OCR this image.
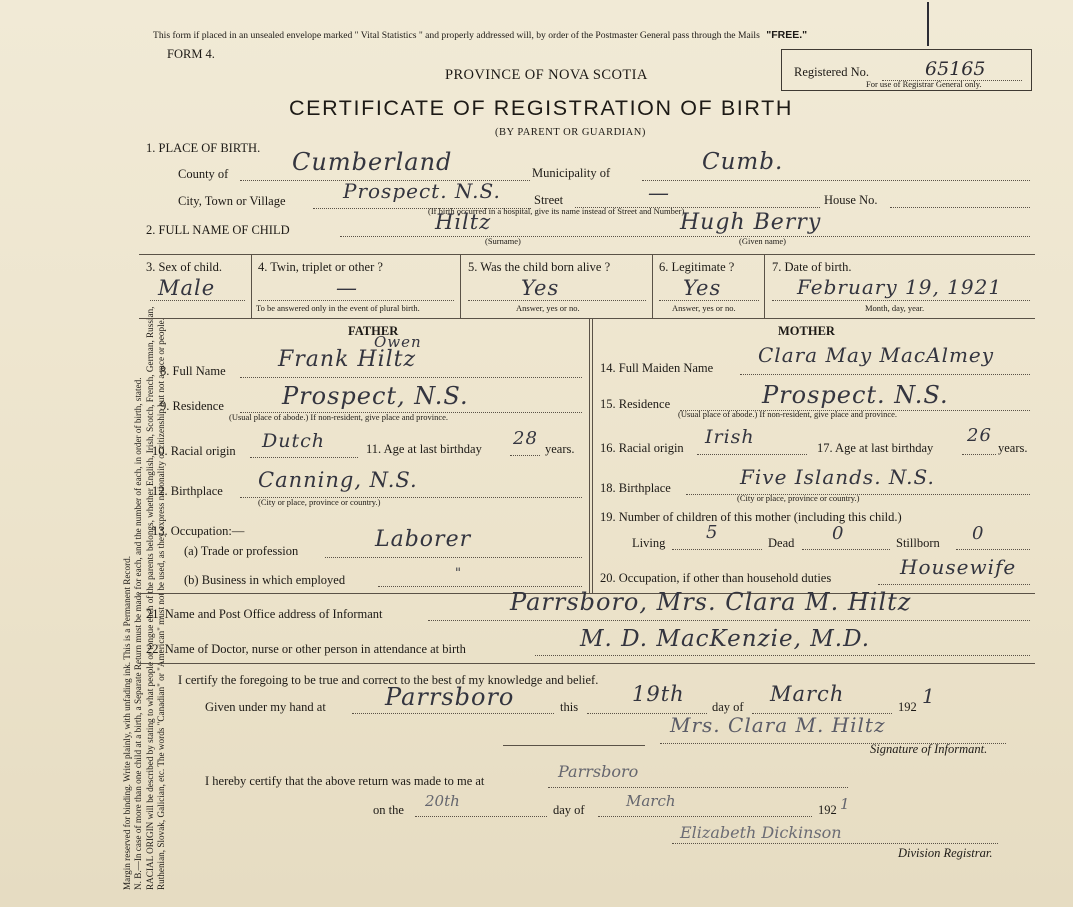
Margin reserved for binding. Write plainly, with unfading ink. This is a Permanent Record. N. B.—In case of more than one child at a birth, a Separate Return must be made for each, and the number of each, in order of birth, stated. RACIAL ORIGIN will be described by stating to what people or tongue each of the parents belongs, whether English, Irish, Scotch, French, German, Russian, Ruthenian, Slovak, Galician, etc. The words "Canadian" or "American" must not be used, as they express nationality or citizenship but not a race or people.
This form if placed in an unsealed envelope marked " Vital Statistics " and properly addressed will, by order of the Postmaster General pass through the Mails "FREE."
FORM 4.
PROVINCE OF NOVA SCOTIA
CERTIFICATE OF REGISTRATION OF BIRTH
(BY PARENT OR GUARDIAN)
Registered No.	65165
For use of Registrar General only.
1. PLACE OF BIRTH.
County of	Cumberland	Municipality of	Cumb.
City, Town or Village	Prospect. N.S.	Street	—	House No.
(If birth occurred in a hospital, give its name instead of Street and Number)
2. FULL NAME OF CHILD	Hiltz
(Surname)
Hugh Berry
(Given name)
3. Sex of child.
Male
4. Twin, triplet or other ?
—
To be answered only in the event of plural birth.
5. Was the child born alive ?
Yes
Answer, yes or no.
6. Legitimate ?
Yes
Answer, yes or no.
7. Date of birth.
February 19, 1921
Month, day, year.
FATHER
8. Full Name Frank Hiltz
Owen
9. Residence Prospect, N.S.
(Usual place of abode.) If non-resident, give place and province.
10. Racial origin Dutch	11. Age at last birthday 28 years.
12. Birthplace Canning, N.S.
(City or place, province or country.)
13. Occupation:—
(a) Trade or profession	Laborer
(b) Business in which employed	"
MOTHER
14. Full Maiden Name
Clara May MacAlmey
15. Residence	Prospect. N.S.
(Usual place of abode.) If non-resident, give place and province.
16. Racial origin Irish	17. Age at last birthday
26
years.
18. Birthplace	Five Islands. N.S.
(City or place, province or country.)
19. Number of children of this mother (including this child.)
Living 5	Dead 0	Stillborn 0
20. Occupation, if other than household duties	Housewife
21. Name and Post Office address of Informant	Parrsboro, Mrs. Clara M. Hiltz
22. Name of Doctor, nurse or other person in attendance at birth	M. D. MacKenzie, M.D.
I certify the foregoing to be true and correct to the best of my knowledge and belief.
Given under my hand at Parrsboro	this
19th
day of
March
192 1
Mrs. Clara M. Hiltz
Signature of Informant.
I hereby certify that the above return was made to me at	Parrsboro
on the 20th	day of	March	192 1
Elizabeth Dickinson
Division Registrar.
